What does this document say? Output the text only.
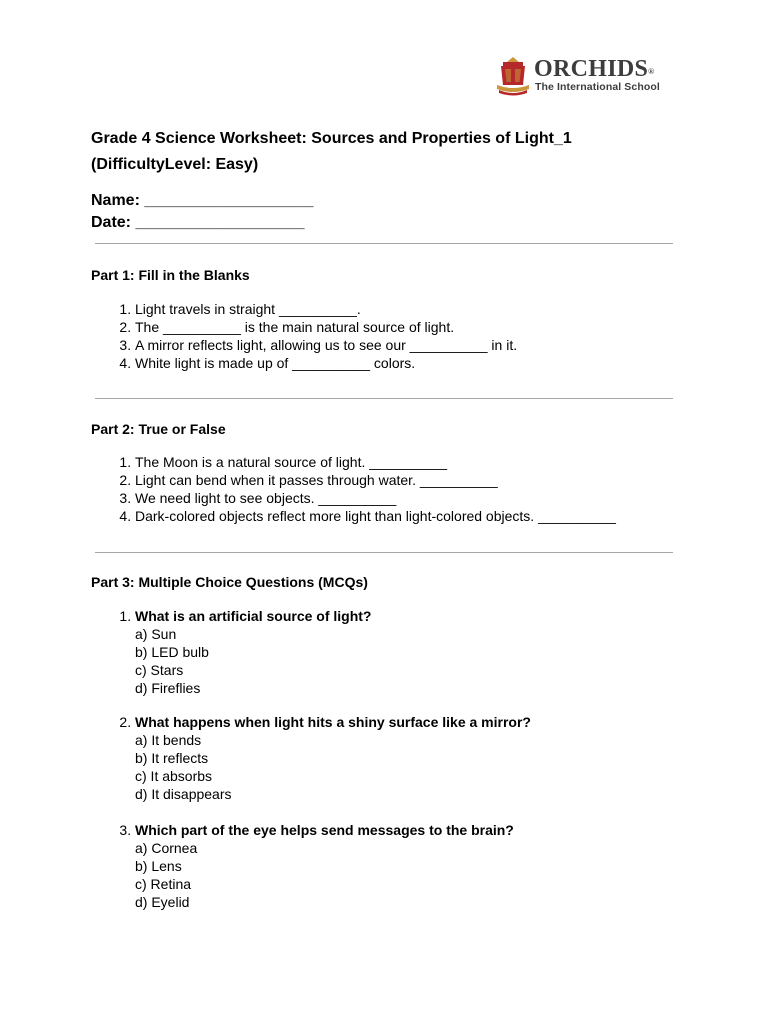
ORCHIDS®
The International School
Grade 4 Science Worksheet: Sources and Properties of Light_1
(DifficultyLevel: Easy)
Name: ___________________
Date: ___________________
Part 1: Fill in the Blanks
1. Light travels in straight __________.
2. The __________ is the main natural source of light.
3. A mirror reflects light, allowing us to see our __________ in it.
4. White light is made up of __________ colors.
Part 2: True or False
1. The Moon is a natural source of light. __________
2. Light can bend when it passes through water. __________
3. We need light to see objects. __________
4. Dark-colored objects reflect more light than light-colored objects. __________
Part 3: Multiple Choice Questions (MCQs)
1. What is an artificial source of light?
a) Sun
b) LED bulb
c) Stars
d) Fireflies
2. What happens when light hits a shiny surface like a mirror?
a) It bends
b) It reflects
c) It absorbs
d) It disappears
3. Which part of the eye helps send messages to the brain?
a) Cornea
b) Lens
c) Retina
d) Eyelid
